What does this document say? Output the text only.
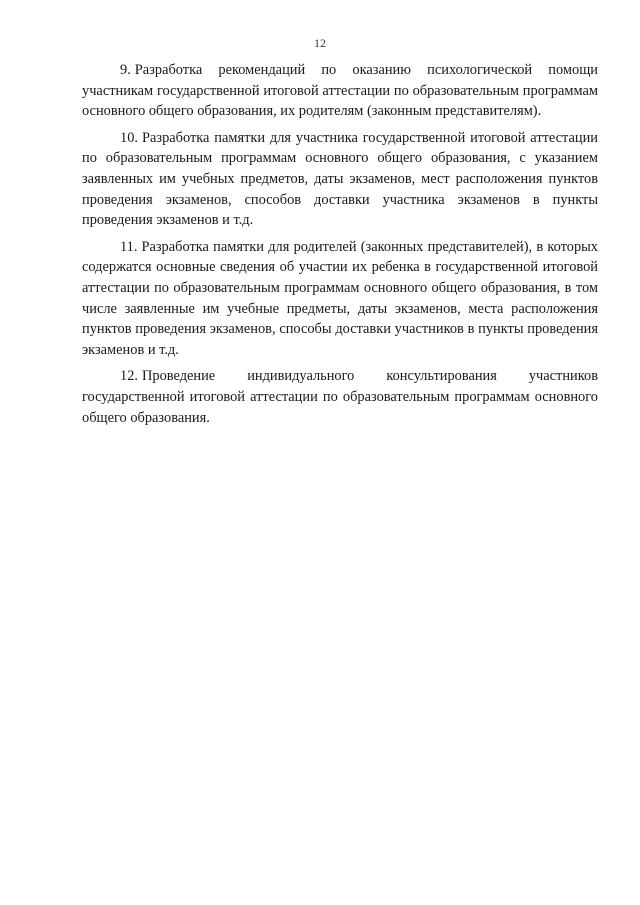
12

9. Разработка рекомендаций по оказанию психологической помощи участникам государственной итоговой аттестации по образовательным программам основного общего образования, их родителям (законным представителям).

10. Разработка памятки для участника государственной итоговой аттестации по образовательным программам основного общего образования, с указанием заявленных им учебных предметов, даты экзаменов, мест расположения пунктов проведения экзаменов, способов доставки участника экзаменов в пункты проведения экзаменов и т.д.

11. Разработка памятки для родителей (законных представителей), в которых содержатся основные сведения об участии их ребенка в государственной итоговой аттестации по образовательным программам основного общего образования, в том числе заявленные им учебные предметы, даты экзаменов, места расположения пунктов проведения экзаменов, способы доставки участников в пункты проведения экзаменов и т.д.

12. Проведение индивидуального консультирования участников государственной итоговой аттестации по образовательным программам основного общего образования.
